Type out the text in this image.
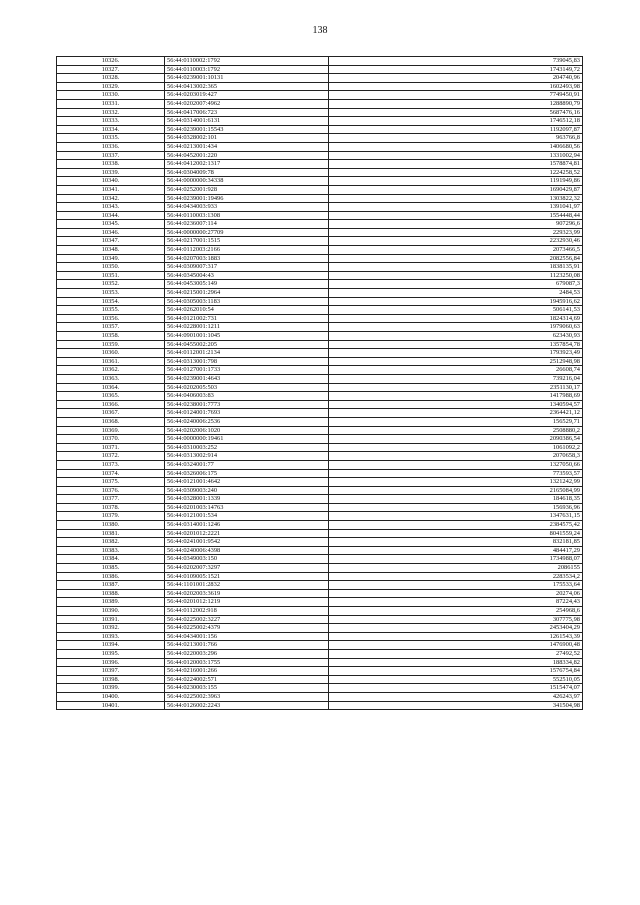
138
10326.	56:44:0110002:1792	739045,83
10327.	56:44:0110003:1792	1743149,72
10328.	56:44:0239001:10131	204740,96
10329.	56:44:0413002:365	1602493,98
10330.	56:44:0203019:427	7749450,91
10331.	56:44:0202007:4962	1288890,79
10332.	56:44:0417006:723	5687476,16
10333.	56:44:0314001:6131	1746512,18
10334.	56:44:0239001:15543	1192097,87
10335.	56:44:0328002:101	963766,8
10336.	56:44:0213001:434	1406680,56
10337.	56:44:0452001:220	1331002,94
10338.	56:44:0412002:1317	1578874,81
10339.	56:44:0304009:78	1224258,52
10340.	56:44:0000000:34338	1191949,86
10341.	56:44:0252001:928	1690429,87
10342.	56:44:0239001:19496	1303822,32
10343.	56:44:0434003:933	1391041,97
10344.	56:44:0110003:1308	1554448,44
10345.	56:44:0236007:114	907296,6
10346.	56:44:0000000:27709	229323,99
10347.	56:44:0217001:1515	2232930,46
10348.	56:44:0112003:2166	2073466,5
10349.	56:44:0207003:1883	2082556,84
10350.	56:44:0309007:317	1838135,91
10351.	56:44:0345004:43	1123250,08
10352.	56:44:0453005:149	679087,3
10353.	56:44:0215001:2964	2484,53
10354.	56:44:0305003:1183	1945916,62
10355.	56:44:0262010:54	506141,53
10356.	56:44:0121002:731	1824314,69
10357.	56:44:0228001:1211	1979060,63
10358.	56:44:0901001:1045	623430,93
10359.	56:44:0455002:205	1357854,78
10360.	56:44:0112001:2134	1793923,49
10361.	56:44:0313001:798	2512948,98
10362.	56:44:0127001:1733	26608,74
10363.	56:44:0239001:4643	739216,04
10364.	56:44:0202005:503	2351130,17
10365.	56:44:0406003:83	1417988,69
10366.	56:44:0238001:7773	1340594,57
10367.	56:44:0124001:7693	2364421,12
10368.	56:44:0240006:2536	156529,71
10369.	56:44:0202006:1020	2508880,2
10370.	56:44:0000000:19461	2090386,54
10371.	56:44:0310003:252	1061092,2
10372.	56:44:0313002:914	2070658,3
10373.	56:44:0324001:77	1327050,66
10374.	56:44:0326006:175	773593,57
10375.	56:44:0121001:4642	1321242,99
10376.	56:44:0309003:240	2165084,99
10377.	56:44:0328001:1339	184618,35
10378.	56:44:0201003:14763	156936,96
10379.	56:44:0121001:534	1347631,15
10380.	56:44:0314001:1246	2384575,42
10381.	56:44:0201012:2221	8041559,24
10382.	56:44:0241001:9542	832181,85
10383.	56:44:0240006:4398	484417,29
10384.	56:44:0349003:150	1734988,07
10385.	56:44:0202007:3297	2086155
10386.	56:44:0109005:1521	2283534,2
10387.	56:44:1101001:2832	175533,64
10388.	56:44:0202003:3619	20274,06
10389.	56:44:0201012:1219	87224,43
10390.	56:44:0112002:918	254968,6
10391.	56:44:0225002:3227	307775,98
10392.	56:44:0225002:4379	2453404,29
10393.	56:44:0434001:156	1261543,39
10394.	56:44:0213001:766	1476900,48
10395.	56:44:0220003:296	27492,52
10396.	56:44:0120003:1755	188334,82
10397.	56:44:0216001:266	1576754,84
10398.	56:44:0224002:571	552510,05
10399.	56:44:0230003:155	1515474,07
10400.	56:44:0225002:3963	426243,97
10401.	56:44:0126002:2243	341504,98
